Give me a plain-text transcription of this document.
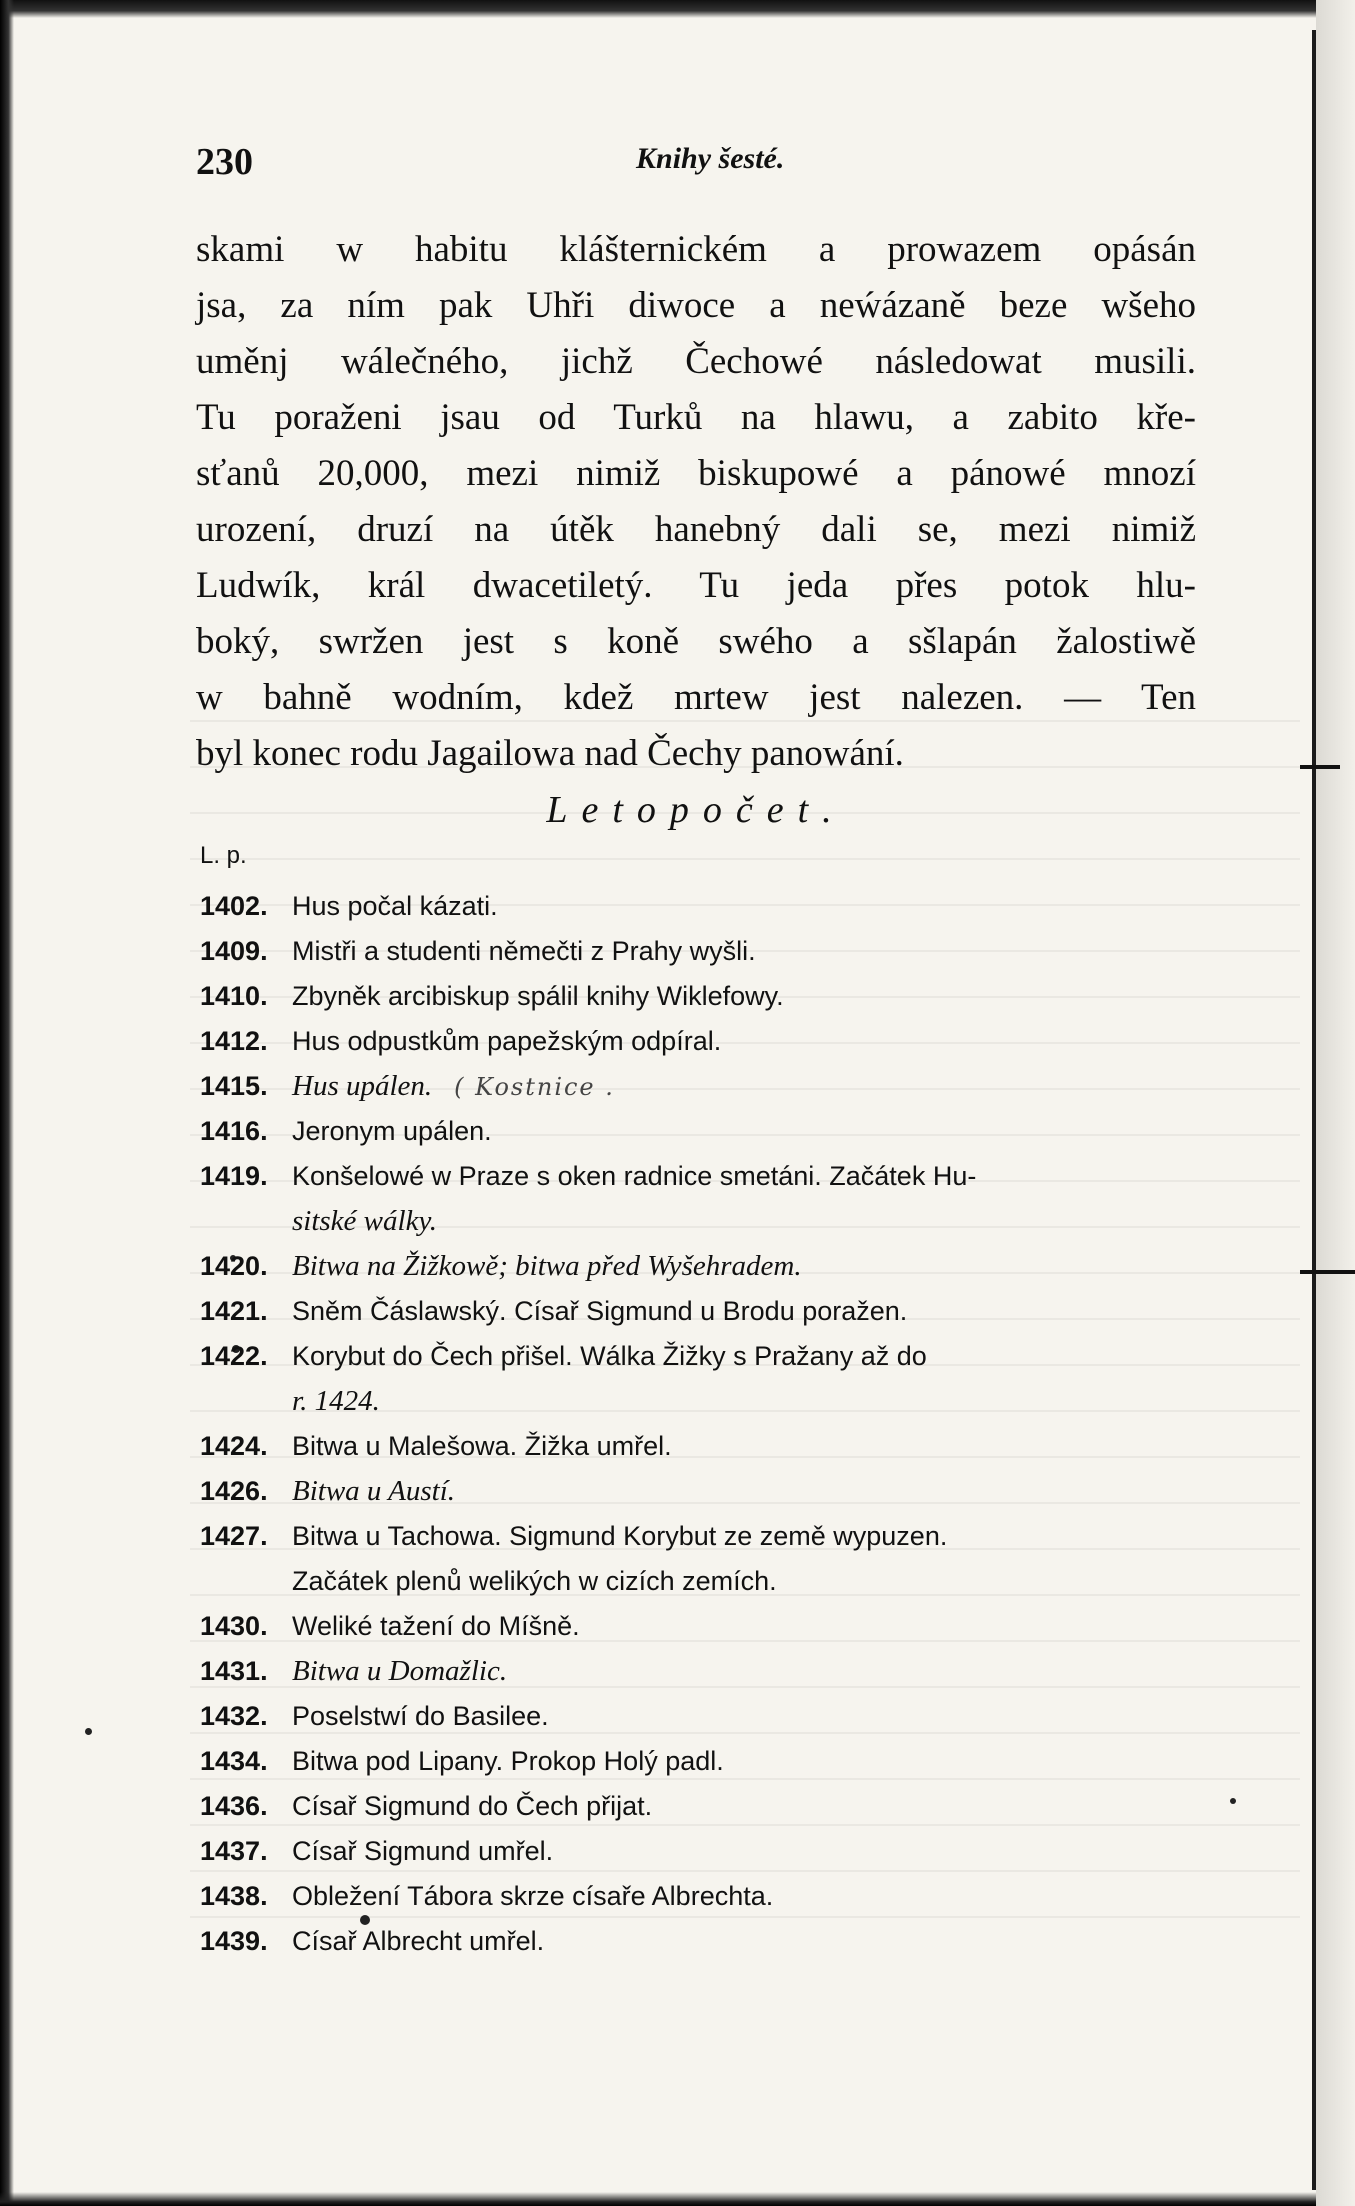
230	Knihy šesté.
skami w habitu klášternickém a prowazem opásán
jsa, za ním pak Uhři diwoce a neẃázaně beze wšeho
uměnj wálečného, jichž Čechowé následowat musili.
Tu poraženi jsau od Turků na hlawu, a zabito kře-
sťanů 20,000, mezi nimiž biskupowé a pánowé mnozí
urození, druzí na útěk hanebný dali se, mezi nimiž
Ludwík, král dwacetiletý. Tu jeda přes potok hlu-
boký, swržen jest s koně swého a sšlapán žalostiwě
w bahně wodním, kdež mrtew jest nalezen. — Ten
byl konec rodu Jagailowa nad Čechy panowání.
Letopočet.
L. p.
1402. Hus počal kázati.
1409. Mistři a studenti němečti z Prahy wyšli.
1410. Zbyněk arcibiskup spálil knihy Wiklefowy.
1412. Hus odpustkům papežským odpíral.
1415. Hus upálen. ( Kostnice .
1416. Jeronym upálen.
1419. Konšelowé w Praze s oken radnice smetáni. Začátek Hu-
sitské wálky.
1420. Bitwa na Žižkowě; bitwa před Wyšehradem.
1421. Sněm Čáslawský. Císař Sigmund u Brodu poražen.
1422. Korybut do Čech přišel. Wálka Žižky s Pražany až do
r. 1424.
1424. Bitwa u Malešowa. Žižka umřel.
1426. Bitwa u Austí.
1427. Bitwa u Tachowa. Sigmund Korybut ze země wypuzen.
Začátek plenů welikých w cizích zemích.
1430. Weliké tažení do Míšně.
1431. Bitwa u Domažlic.
1432. Poselstwí do Basilee.
1434. Bitwa pod Lipany. Prokop Holý padl.
1436. Císař Sigmund do Čech přijat.
1437. Císař Sigmund umřel.
1438. Obležení Tábora skrze císaře Albrechta.
1439. Císař Albrecht umřel.
